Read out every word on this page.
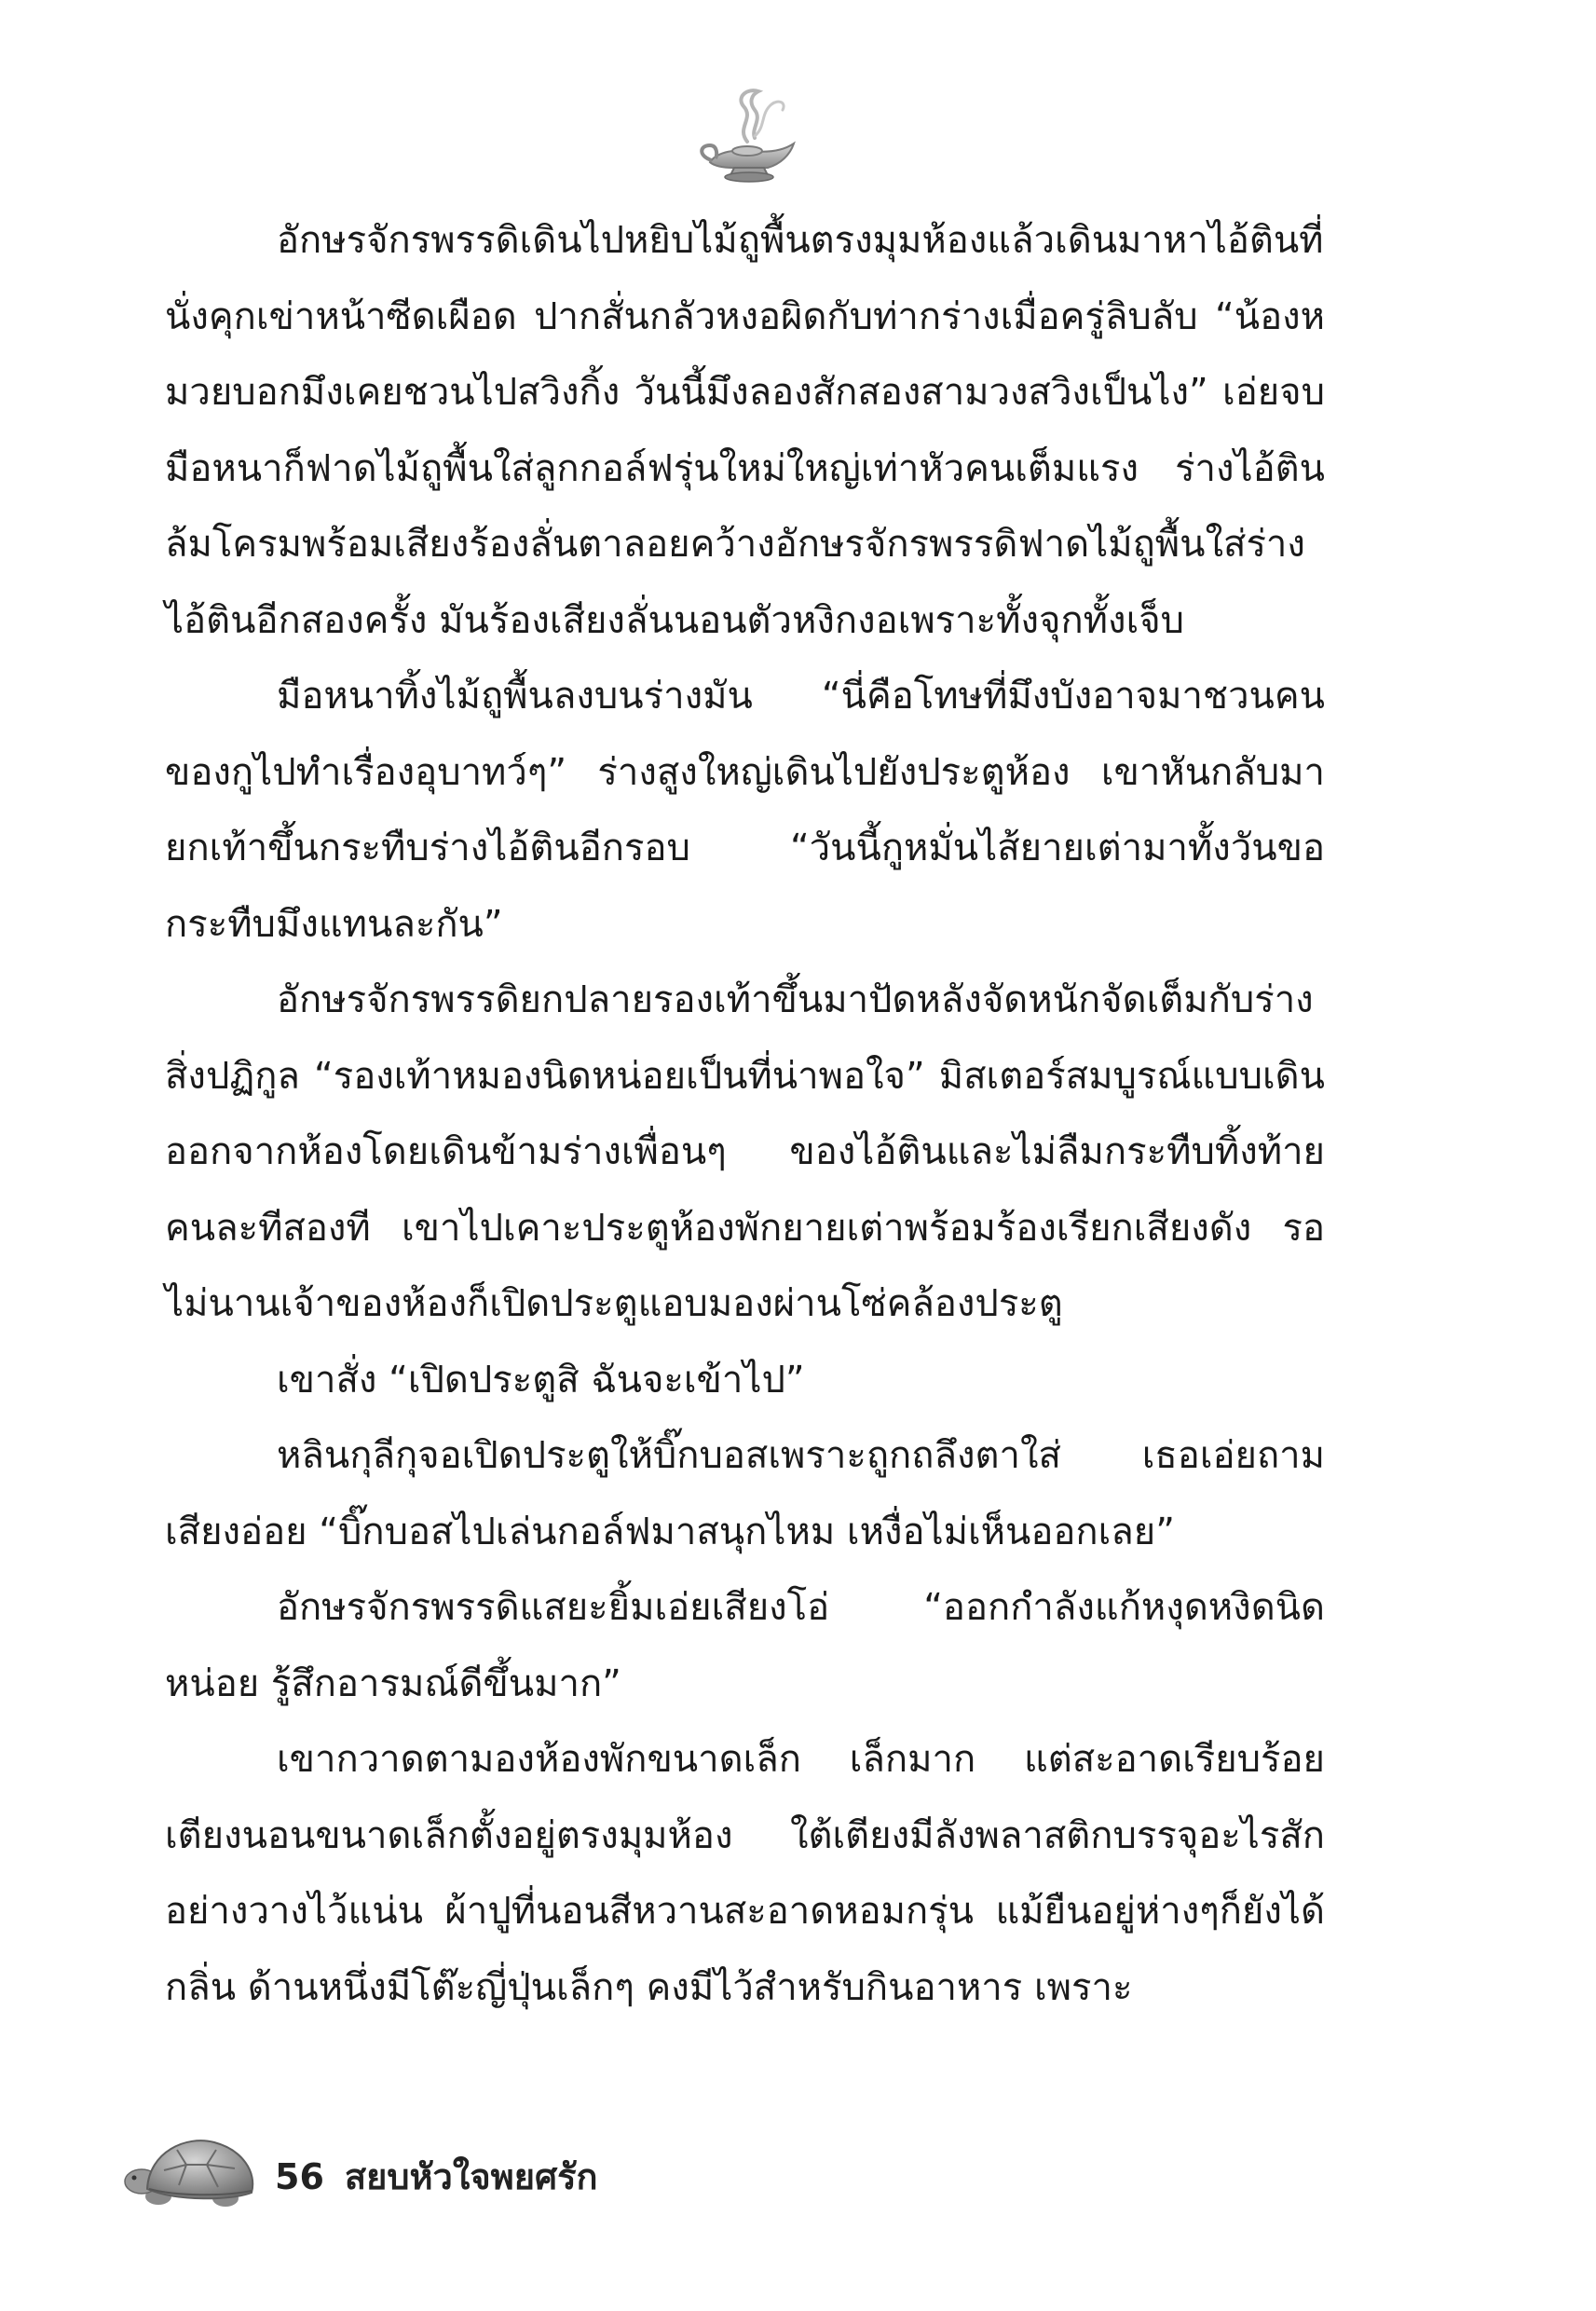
อักษรจักรพรรดิเดินไปหยิบไม้ถูพื้นตรงมุมห้องแล้วเดินมาหาไอ้ตินที่นั่งคุกเข่าหน้าซีดเผือด ปากสั่นกลัวหงอผิดกับท่ากร่างเมื่อครู่ลิบลับ “น้องหมวยบอกมึงเคยชวนไปสวิงกิ้ง วันนี้มึงลองสักสองสามวงสวิงเป็นไง” เอ่ยจบมือหนาก็ฟาดไม้ถูพื้นใส่ลูกกอล์ฟรุ่นใหม่ใหญ่เท่าหัวคนเต็มแรง ร่างไอ้ตินล้มโครมพร้อมเสียงร้องลั่นตาลอยคว้างอักษรจักรพรรดิฟาดไม้ถูพื้นใส่ร่างไอ้ตินอีกสองครั้ง มันร้องเสียงลั่นนอนตัวหงิกงอเพราะทั้งจุกทั้งเจ็บ

มือหนาทิ้งไม้ถูพื้นลงบนร่างมัน “นี่คือโทษที่มึงบังอาจมาชวนคนของกูไปทำเรื่องอุบาทว์ๆ” ร่างสูงใหญ่เดินไปยังประตูห้อง เขาหันกลับมายกเท้าขึ้นกระทืบร่างไอ้ตินอีกรอบ “วันนี้กูหมั่นไส้ยายเต่ามาทั้งวันขอกระทืบมึงแทนละกัน”

อักษรจักรพรรดิยกปลายรองเท้าขึ้นมาปัดหลังจัดหนักจัดเต็มกับร่างสิ่งปฏิกูล “รองเท้าหมองนิดหน่อยเป็นที่น่าพอใจ” มิสเตอร์สมบูรณ์แบบเดินออกจากห้องโดยเดินข้ามร่างเพื่อนๆ ของไอ้ตินและไม่ลืมกระทืบทิ้งท้ายคนละทีสองที เขาไปเคาะประตูห้องพักยายเต่าพร้อมร้องเรียกเสียงดัง รอไม่นานเจ้าของห้องก็เปิดประตูแอบมองผ่านโซ่คล้องประตู

เขาสั่ง “เปิดประตูสิ ฉันจะเข้าไป”

หลินกุลีกุจอเปิดประตูให้บิ๊กบอสเพราะถูกถลึงตาใส่ เธอเอ่ยถามเสียงอ่อย “บิ๊กบอสไปเล่นกอล์ฟมาสนุกไหม เหงื่อไม่เห็นออกเลย”

อักษรจักรพรรดิแสยะยิ้มเอ่ยเสียงโอ่ “ออกกำลังแก้หงุดหงิดนิดหน่อย รู้สึกอารมณ์ดีขึ้นมาก”

เขากวาดตามองห้องพักขนาดเล็ก เล็กมาก แต่สะอาดเรียบร้อยเตียงนอนขนาดเล็กตั้งอยู่ตรงมุมห้อง ใต้เตียงมีลังพลาสติกบรรจุอะไรสักอย่างวางไว้แน่น ผ้าปูที่นอนสีหวานสะอาดหอมกรุ่น แม้ยืนอยู่ห่างๆก็ยังได้กลิ่น ด้านหนึ่งมีโต๊ะญี่ปุ่นเล็กๆ คงมีไว้สำหรับกินอาหาร เพราะ

56 สยบหัวใจพยศรัก
